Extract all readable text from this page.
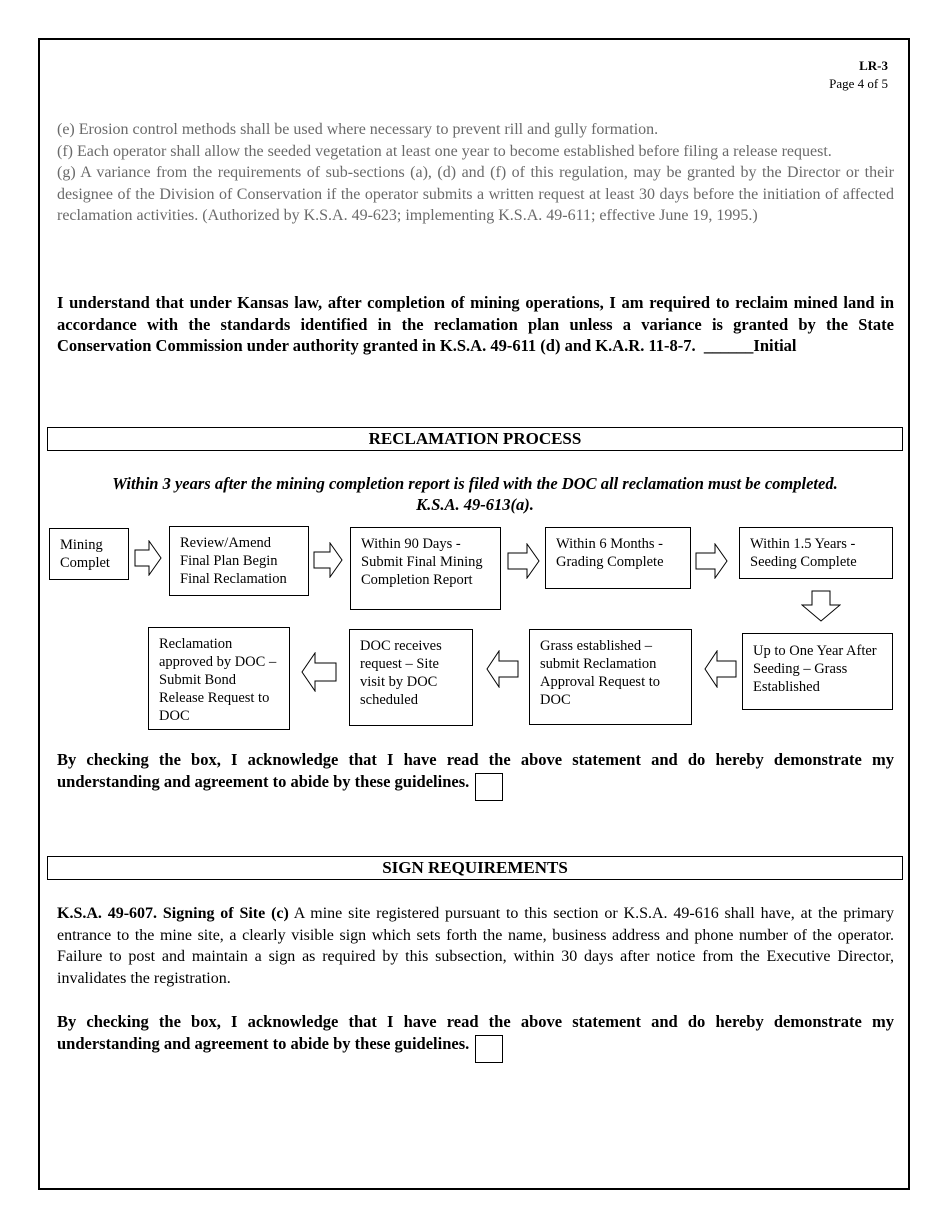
LR-3
Page 4 of 5

(e) Erosion control methods shall be used where necessary to prevent rill and gully formation.

(f) Each operator shall allow the seeded vegetation at least one year to become established before filing a release request.

(g) A variance from the requirements of sub-sections (a), (d) and (f) of this regulation, may be granted by the Director or their designee of the Division of Conservation if the operator submits a written request at least 30 days before the initiation of affected reclamation activities. (Authorized by K.S.A. 49-623; implementing K.S.A. 49-611; effective June 19, 1995.)

I understand that under Kansas law, after completion of mining operations, I am required to reclaim mined land in accordance with the standards identified in the reclamation plan unless a variance is granted by the State Conservation Commission under authority granted in K.S.A. 49-611 (d) and K.A.R. 11-8-7. ______Initial
RECLAMATION PROCESS
Within 3 years after the mining completion report is filed with the DOC all reclamation must be completed.
K.S.A. 49-613(a).
Mining Complet
Review/Amend Final Plan Begin Final Reclamation
Within 90 Days - Submit Final Mining Completion Report
Within 6 Months - Grading Complete
Within 1.5 Years - Seeding Complete
Up to One Year After Seeding – Grass Established
Grass established – submit Reclamation Approval Request to DOC
DOC receives request – Site visit by DOC scheduled
Reclamation approved by DOC – Submit Bond Release Request to DOC
By checking the box, I acknowledge that I have read the above statement and do hereby demonstrate my understanding and agreement to abide by these guidelines.
SIGN REQUIREMENTS
K.S.A. 49-607. Signing of Site (c) A mine site registered pursuant to this section or K.S.A. 49-616 shall have, at the primary entrance to the mine site, a clearly visible sign which sets forth the name, business address and phone number of the operator. Failure to post and maintain a sign as required by this subsection, within 30 days after notice from the Executive Director, invalidates the registration.
By checking the box, I acknowledge that I have read the above statement and do hereby demonstrate my understanding and agreement to abide by these guidelines.
